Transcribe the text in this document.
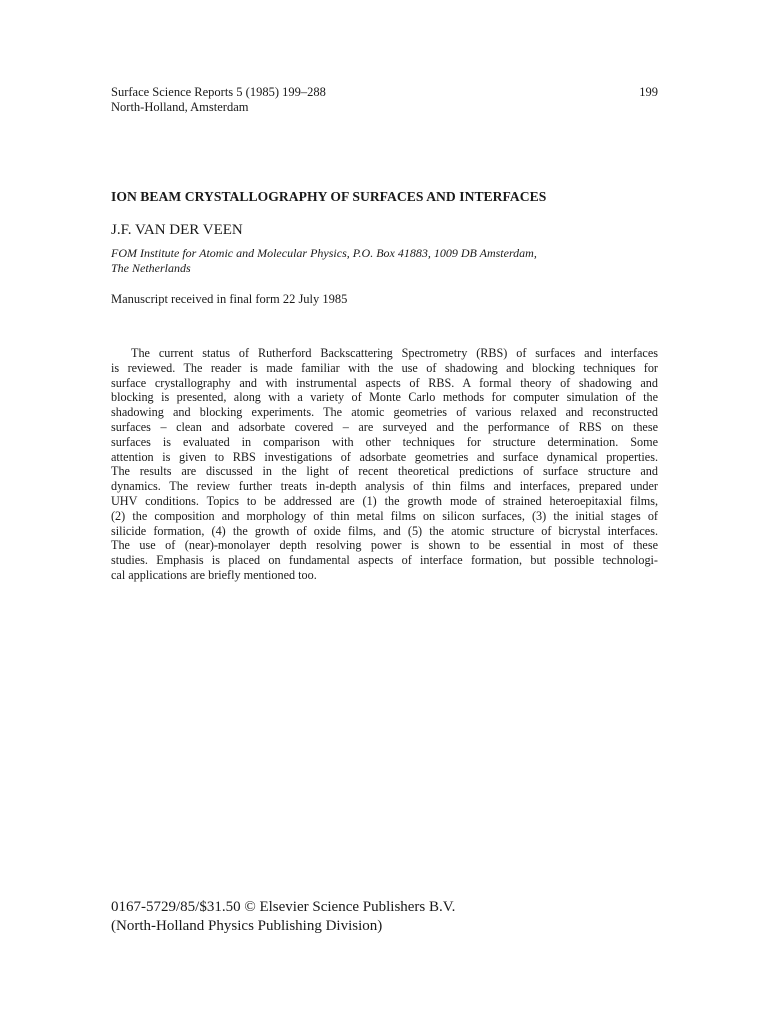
Surface Science Reports 5 (1985) 199–288
North-Holland, Amsterdam
199
ION BEAM CRYSTALLOGRAPHY OF SURFACES AND INTERFACES
J.F. VAN DER VEEN
FOM Institute for Atomic and Molecular Physics, P.O. Box 41883, 1009 DB Amsterdam,
The Netherlands
Manuscript received in final form 22 July 1985
The current status of Rutherford Backscattering Spectrometry (RBS) of surfaces and interfaces
is reviewed. The reader is made familiar with the use of shadowing and blocking techniques for
surface crystallography and with instrumental aspects of RBS. A formal theory of shadowing and
blocking is presented, along with a variety of Monte Carlo methods for computer simulation of the
shadowing and blocking experiments. The atomic geometries of various relaxed and reconstructed
surfaces – clean and adsorbate covered – are surveyed and the performance of RBS on these
surfaces is evaluated in comparison with other techniques for structure determination. Some
attention is given to RBS investigations of adsorbate geometries and surface dynamical properties.
The results are discussed in the light of recent theoretical predictions of surface structure and
dynamics. The review further treats in-depth analysis of thin films and interfaces, prepared under
UHV conditions. Topics to be addressed are (1) the growth mode of strained heteroepitaxial films,
(2) the composition and morphology of thin metal films on silicon surfaces, (3) the initial stages of
silicide formation, (4) the growth of oxide films, and (5) the atomic structure of bicrystal interfaces.
The use of (near)-monolayer depth resolving power is shown to be essential in most of these
studies. Emphasis is placed on fundamental aspects of interface formation, but possible technologi-
cal applications are briefly mentioned too.
0167-5729/85/$31.50 © Elsevier Science Publishers B.V.
(North-Holland Physics Publishing Division)
